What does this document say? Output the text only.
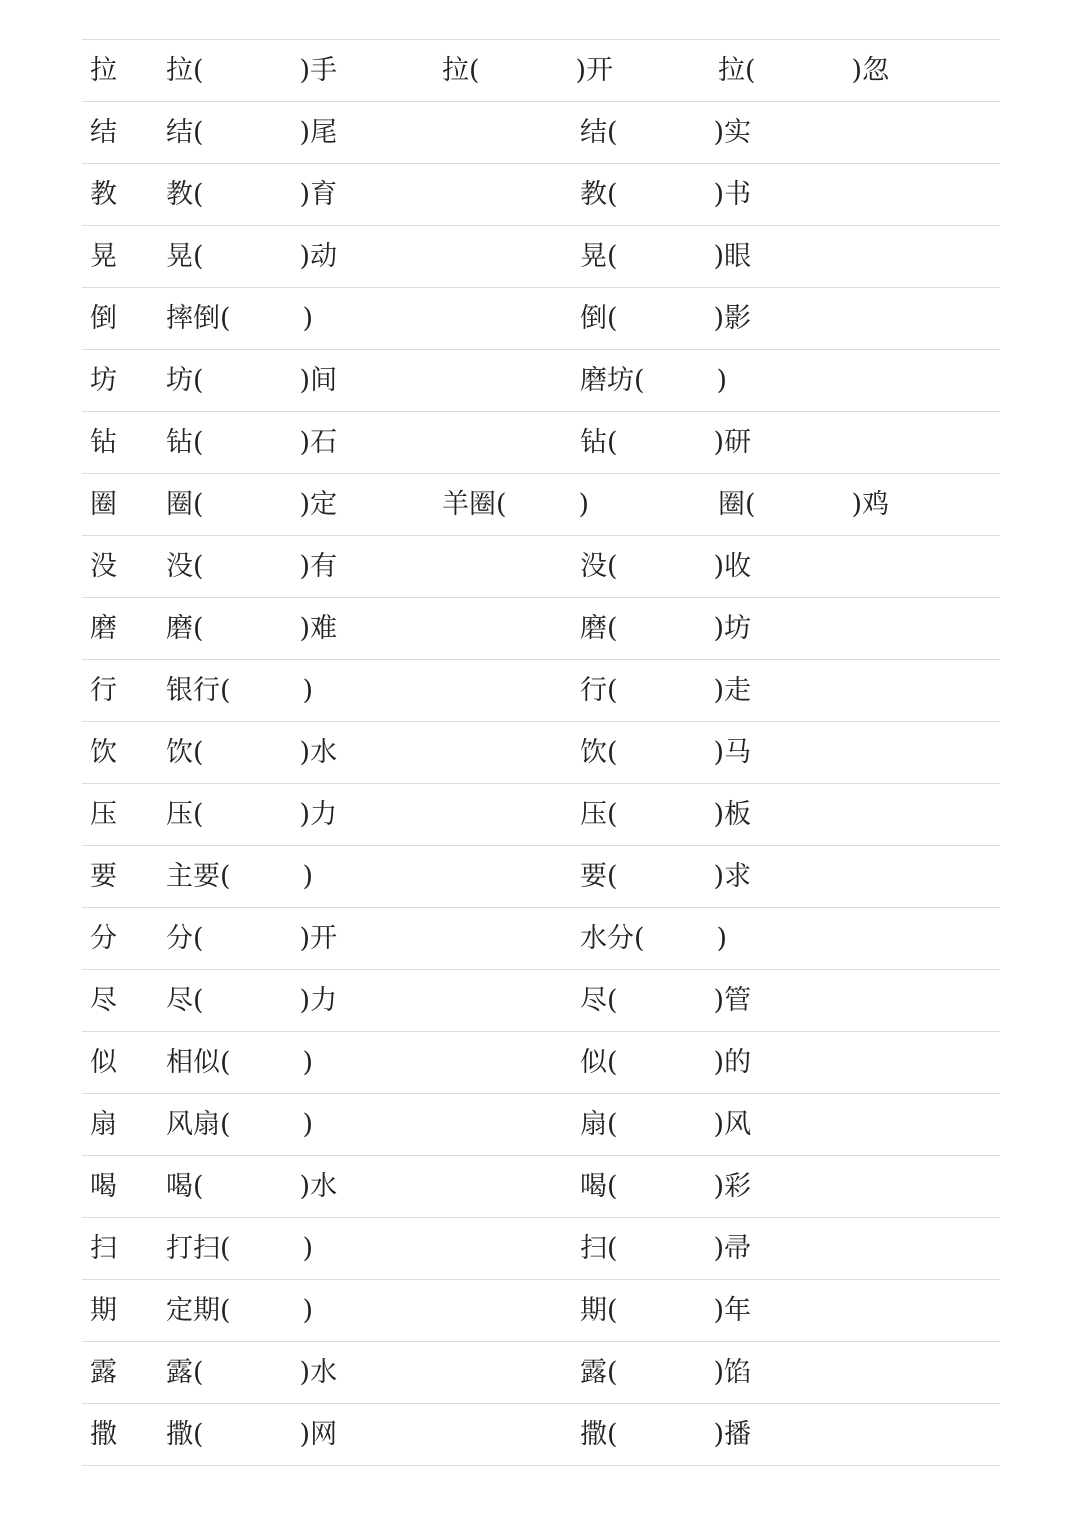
拉 拉(	)手	拉(	)开	拉(	)忽
结 结(	)尾	结(	)实
教 教(	)育	教(	)书
晃 晃(	)动	晃(	)眼
倒 摔倒(	)	倒(	)影
坊 坊(	)间	磨坊(	)
钻 钻(	)石	钻(	)研
圈 圈(	)定	羊圈(	)	圈(	)鸡
没 没(	)有	没(	)收
磨 磨(	)难	磨(	)坊
行 银行(	)	行(	)走
饮 饮(	)水	饮(	)马
压 压(	)力	压(	)板
要 主要(	)	要(	)求
分 分(	)开	水分(	)
尽 尽(	)力	尽(	)管
似 相似(	)	似(	)的
扇 风扇(	)	扇(	)风
喝 喝(	)水	喝(	)彩
扫 打扫(	)	扫(	)帚
期 定期(	)	期(	)年
露 露(	)水	露(	)馅
撒 撒(	)网	撒(	)播
